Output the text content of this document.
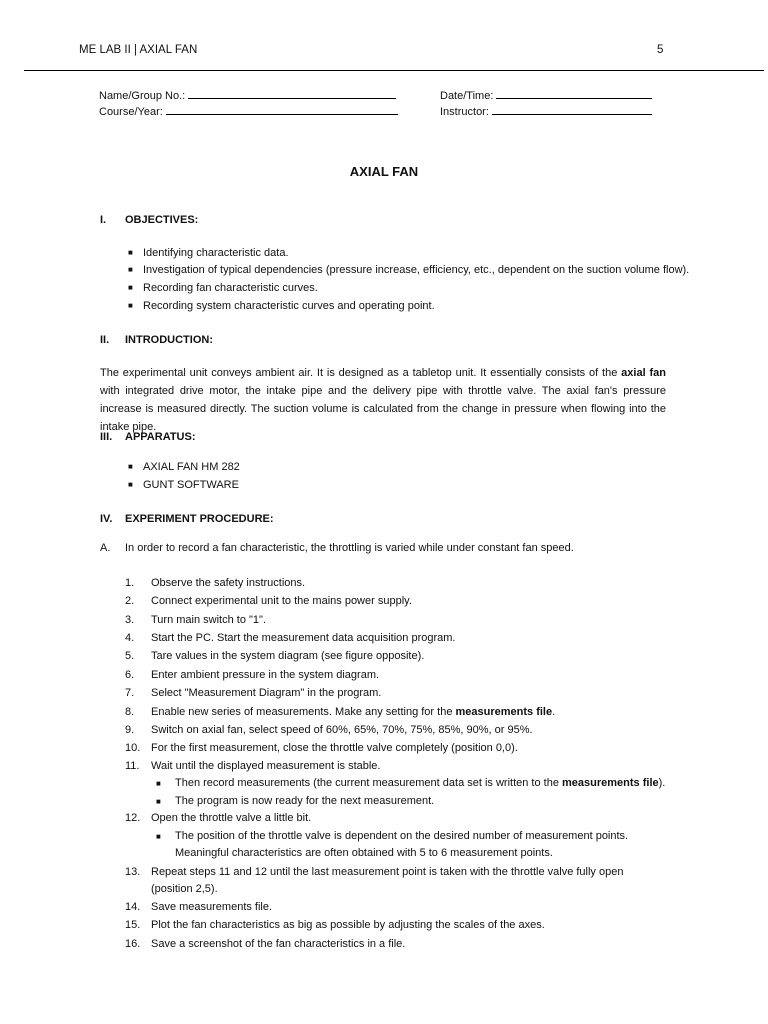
ME LAB II | AXIAL FAN	5
Name/Group No.:
Course/Year:
Date/Time:
Instructor:
AXIAL FAN
I. OBJECTIVES:
■ Identifying characteristic data.
■ Investigation of typical dependencies (pressure increase, efficiency, etc., dependent on the suction volume flow).
■ Recording fan characteristic curves.
■ Recording system characteristic curves and operating point.
II. INTRODUCTION:
The experimental unit conveys ambient air. It is designed as a tabletop unit. It essentially consists of the axial fan with integrated drive motor, the intake pipe and the delivery pipe with throttle valve. The axial fan's pressure increase is measured directly. The suction volume is calculated from the change in pressure when flowing into the intake pipe.
III. APPARATUS:
■ AXIAL FAN HM 282
■ GUNT SOFTWARE
IV. EXPERIMENT PROCEDURE:
A. In order to record a fan characteristic, the throttling is varied while under constant fan speed.
1.	Observe the safety instructions.
2.	Connect experimental unit to the mains power supply.
3.	Turn main switch to "1".
4.	Start the PC. Start the measurement data acquisition program.
5.	Tare values in the system diagram (see figure opposite).
6.	Enter ambient pressure in the system diagram.
7.	Select "Measurement Diagram" in the program.
8.	Enable new series of measurements. Make any setting for the measurements file.
9.	Switch on axial fan, select speed of 60%, 65%, 70%, 75%, 85%, 90%, or 95%.
10. For the first measurement, close the throttle valve completely (position 0,0).
11.	Wait until the displayed measurement is stable.
■ Then record measurements (the current measurement data set is written to the measurements file).
■ The program is now ready for the next measurement.
12. Open the throttle valve a little bit.
■ The position of the throttle valve is dependent on the desired number of measurement points. Meaningful characteristics are often obtained with 5 to 6 measurement points.
13. Repeat steps 11 and 12 until the last measurement point is taken with the throttle valve fully open (position 2,5).
14. Save measurements file.
15. Plot the fan characteristics as big as possible by adjusting the scales of the axes.
16. Save a screenshot of the fan characteristics in a file.
